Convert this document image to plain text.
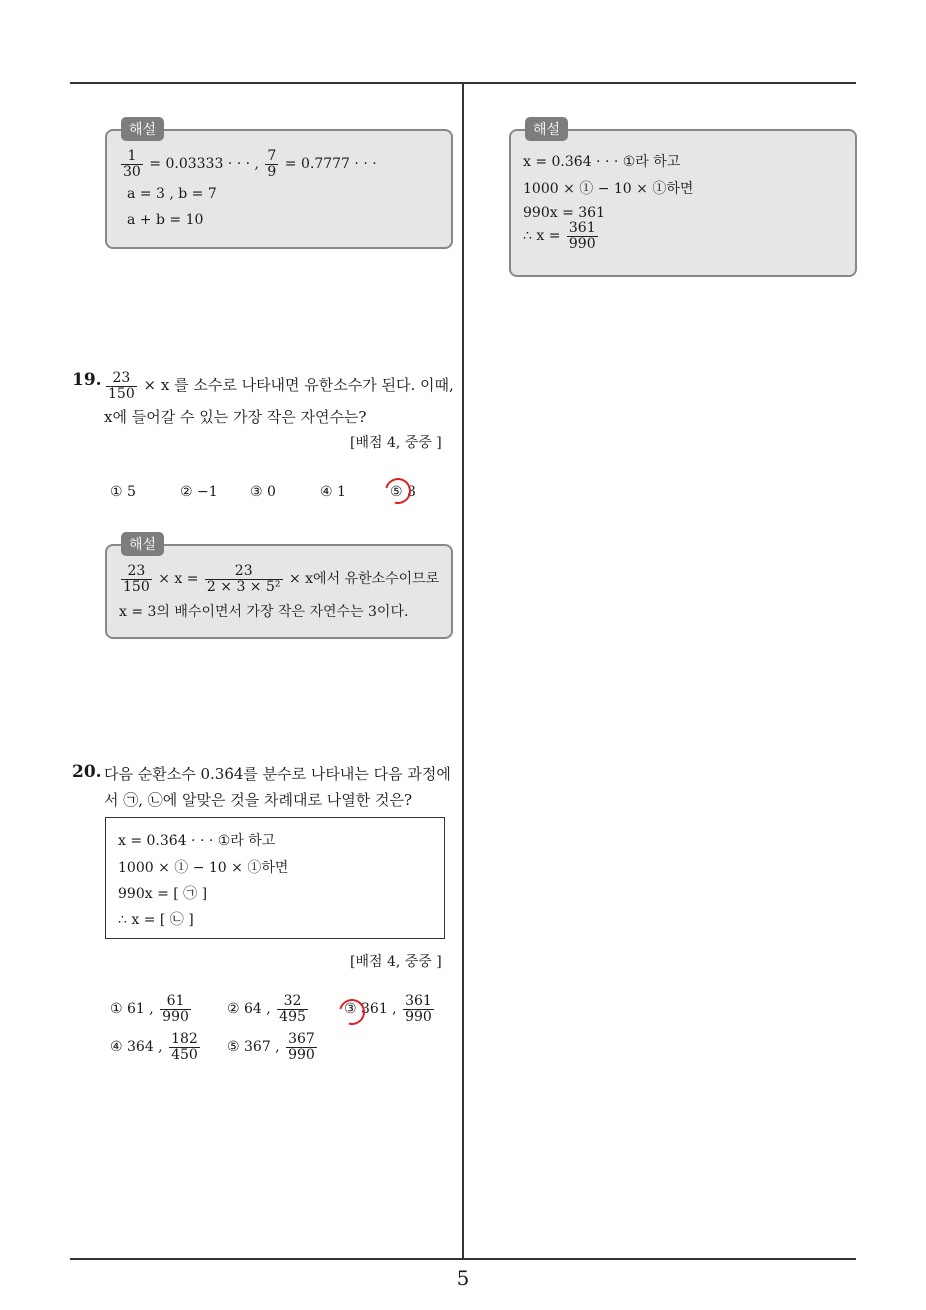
해설
$\frac{1}{30} = 0.03333$ · · · , $\frac{7}{9} = 0.7777$ · · ·
a = 3 , b = 7
a + b = 10
19. $\frac{23}{150} \times x$ 를 소수로 나타내면 유한소수가 된다. 이때,
x에 들어갈 수 있는 가장 작은 자연수는?
[배점 4, 중중 ]
① 5	② −1 ③ 0	④ 1	⑤ 3
해설
$\frac{23}{150} \times x = \frac{23}{\text{2 × 3 × 5²}} \times x$에서 유한소수이므로
x = 3의 배수이면서 가장 작은 자연수는 3이다.
20. 다음 순환소수 0.36̇4̇를 분수로 나타내는 다음 과정에
서 ㉠, ㉡에 알맞은 것을 차례대로 나열한 것은?
x = 0.36̇4̇ · · · ①라 하고
1000 × ① − 10 × ①하면
990x = [ ㉠ ]
∴ x = [ ㉡ ]
[배점 4, 중중 ]
① 61 , $\frac{61}{990}$	② 64 , $\frac{32}{495}$	③ 361 , $\frac{361}{990}$
④ 364 , $\frac{182}{450}$ ⑤ 367 , $\frac{367}{990}$
해설
x = 0.36̇4̇ · · · ①라 하고
1000 × ① − 10 × ①하면
990x = 361
∴ $x = \frac{361}{990}$
5
